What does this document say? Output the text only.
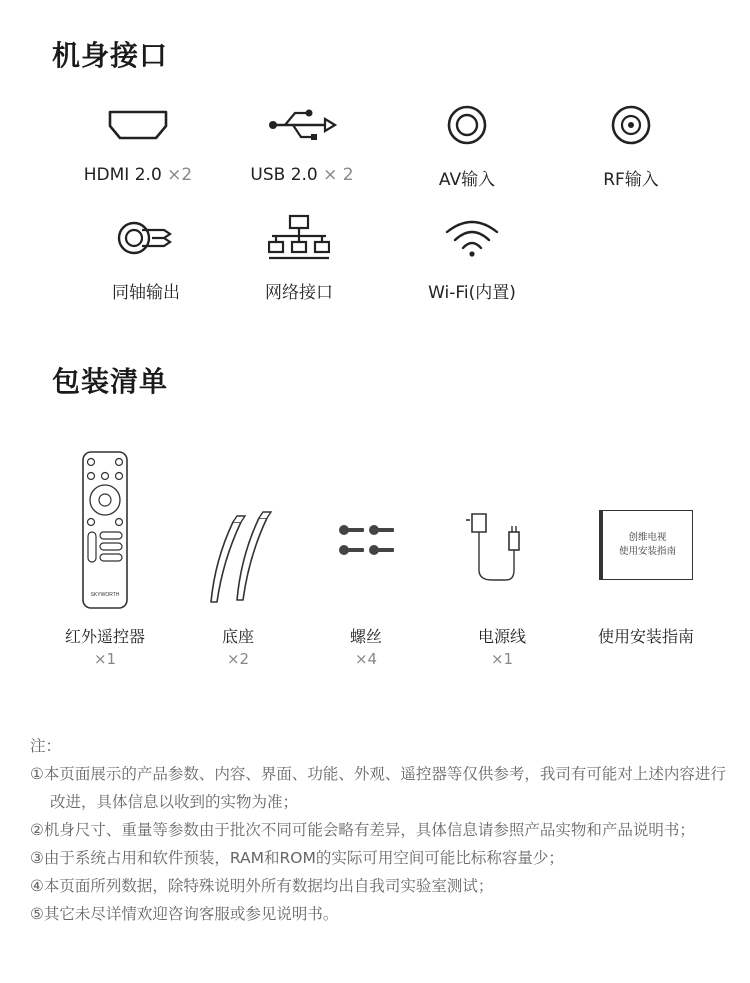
机身接口
HDMI 2.0 ×2	USB 2.0 × 2	AV输入	RF输入
同轴输出	网络接口	Wi-Fi(内置)
包装清单
SKYWORTH
红外遥控器
×1
底座
×2
螺丝
×4
电源线
×1
创维电视
使用安装指南
使用安装指南
注：
①本页面展示的产品参数、内容、界面、功能、外观、遥控器等仅供参考，我司有可能对上述内容进行改进，具体信息以收到的实物为准；
②机身尺寸、重量等参数由于批次不同可能会略有差异，具体信息请参照产品实物和产品说明书；
③由于系统占用和软件预装，RAM和ROM的实际可用空间可能比标称容量少；
④本页面所列数据，除特殊说明外所有数据均出自我司实验室测试；
⑤其它未尽详情欢迎咨询客服或参见说明书。
